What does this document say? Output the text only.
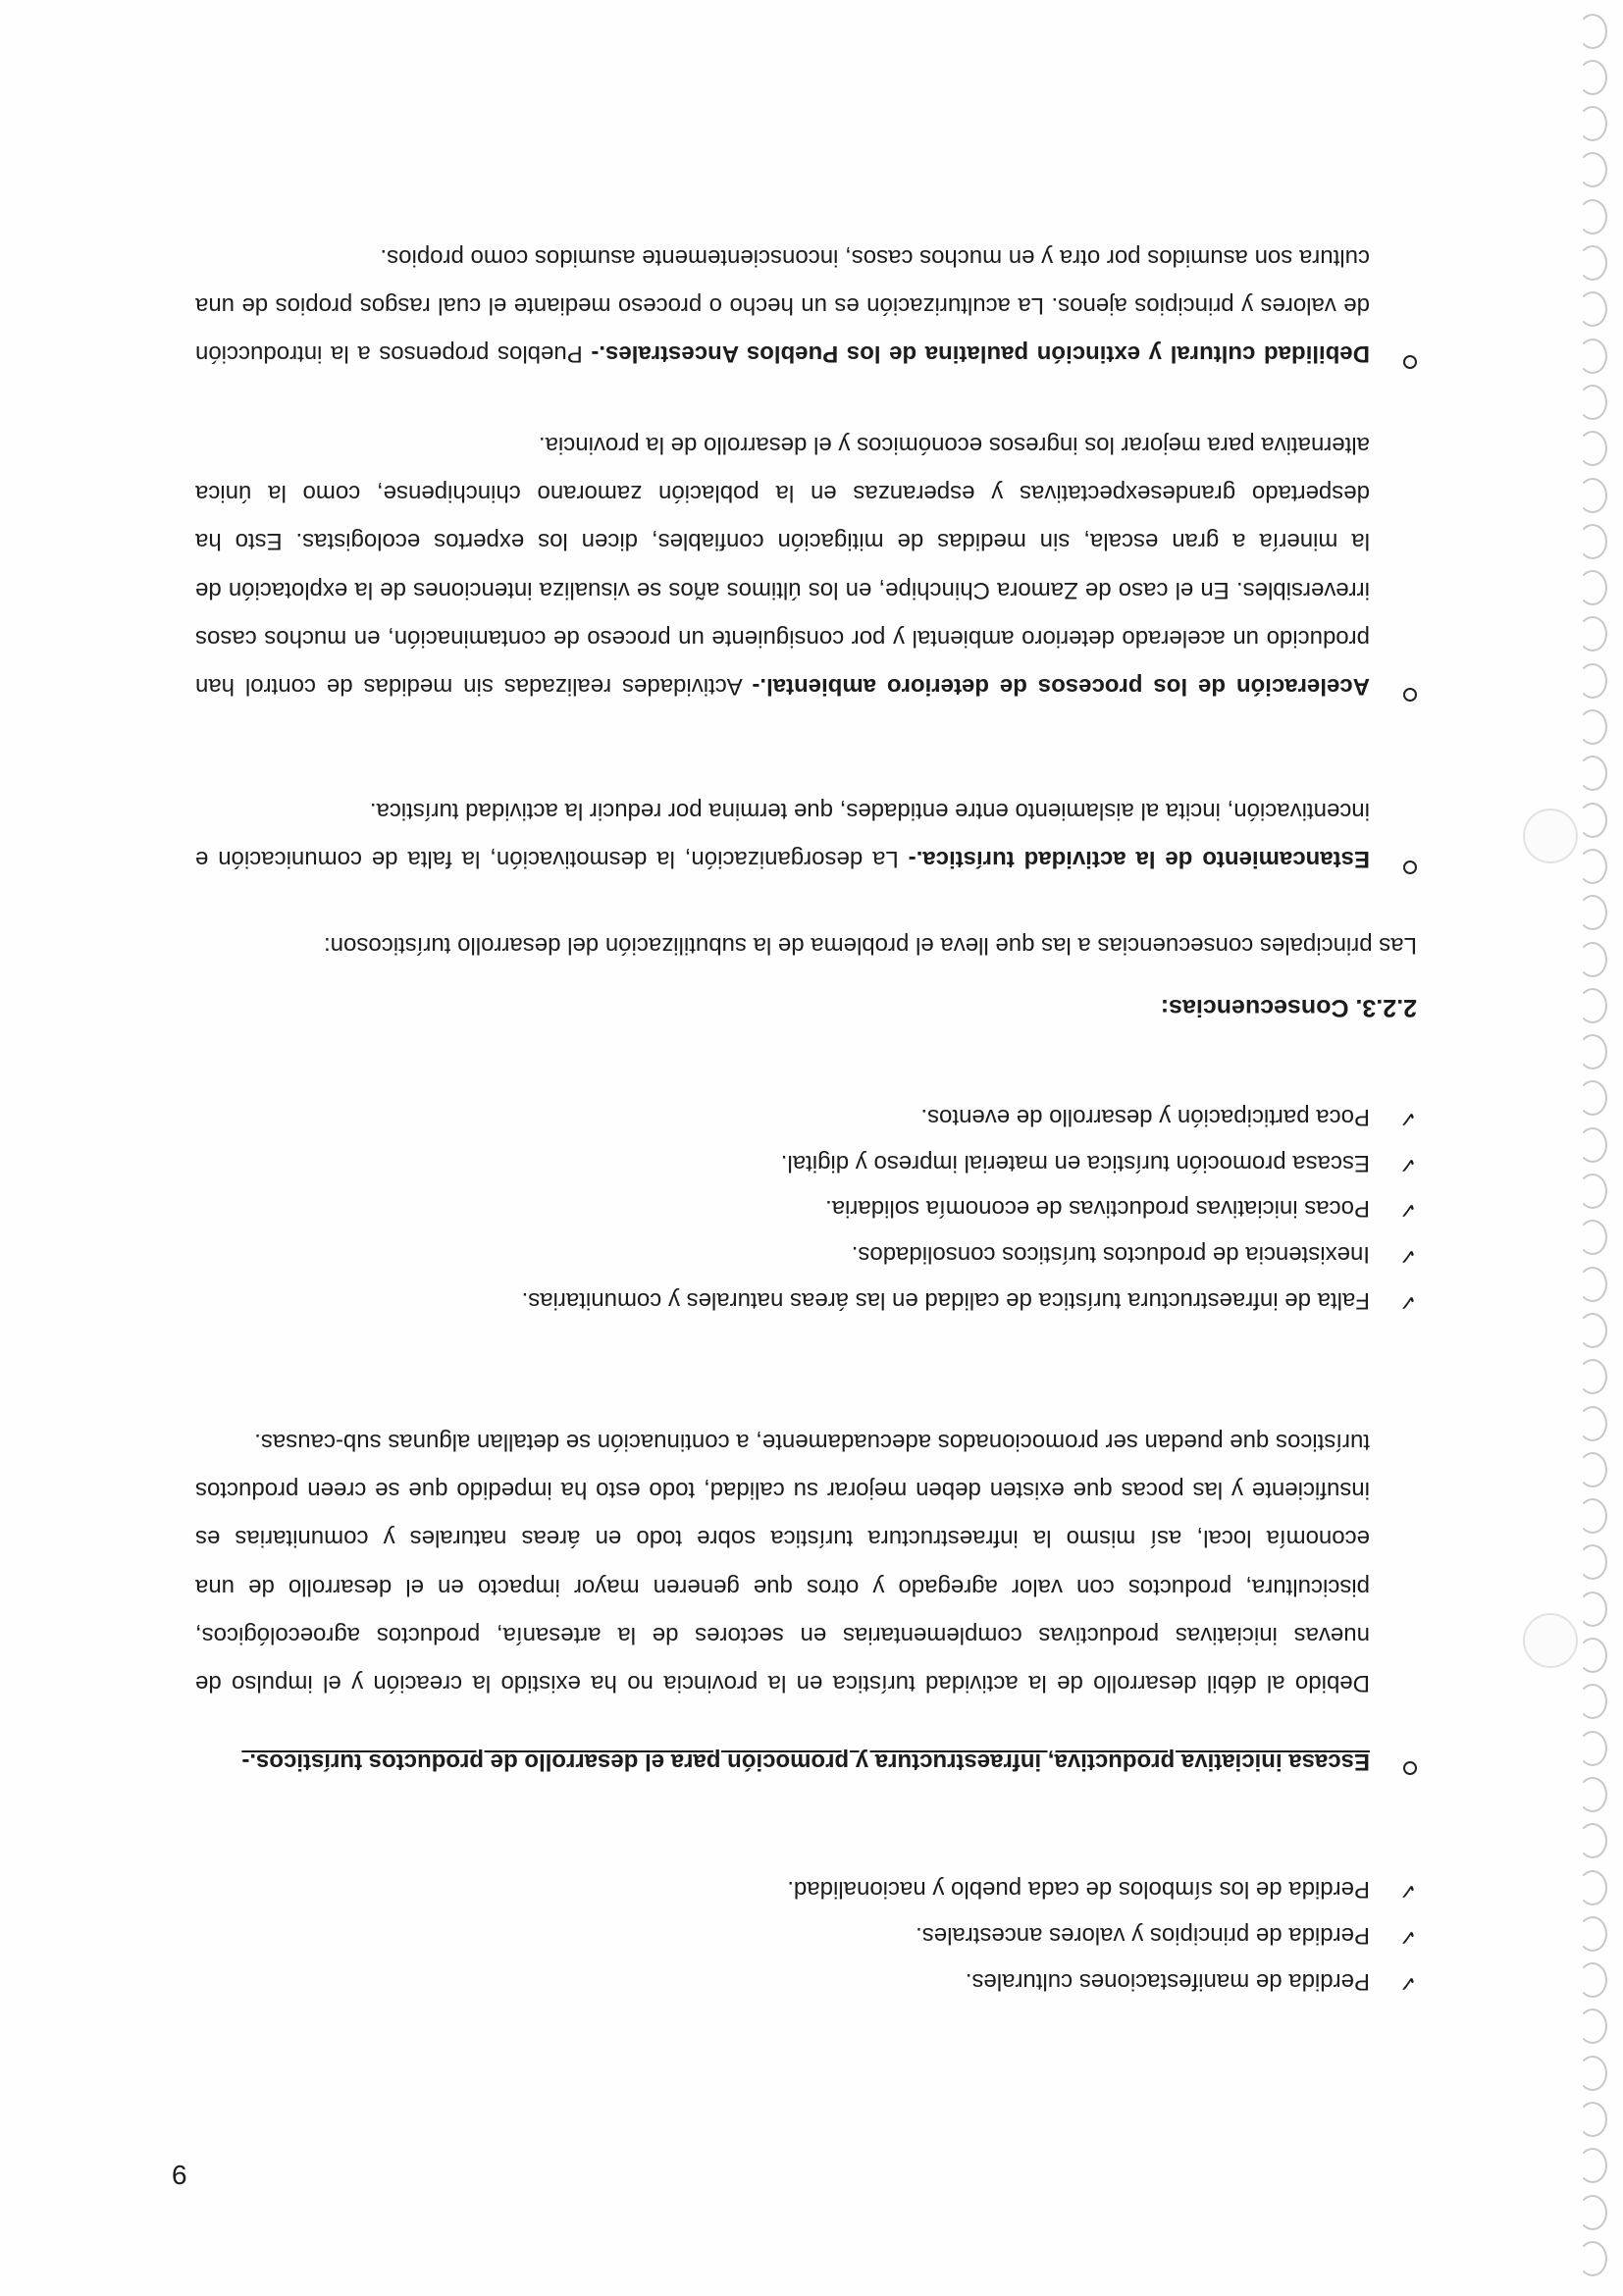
9
✓
Perdida de manifestaciones culturales.
✓
Perdida de principios y valores ancestrales.
✓
Perdida de los símbolos de cada pueblo y nacionalidad.
Escasa iniciativa productiva, infraestructura y promoción para el desarrollo de productos turísticos.-

Debido al débil desarrollo de la actividad turística en la provincia no ha existido la creación y el impulso de nuevas iniciativas productivas complementarias en sectores de la artesanía, productos agroecológicos, piscicultura, productos con valor agregado y otros que generen mayor impacto en el desarrollo de una economía local, así mismo la infraestructura turística sobre todo en áreas naturales y comunitarias es insuficiente y las pocas que existen deben mejorar su calidad, todo esto ha impedido que se creen productos turísticos que puedan ser promocionados adecuadamente, a continuación se detallan algunas sub-causas.

✓
Falta de infraestructura turística de calidad en las áreas naturales y comunitarias.
✓
Inexistencia de productos turísticos consolidados.
✓
Pocas iniciativas productivas de economía solidaria.
✓
Escasa promoción turística en material impreso y digital.
✓
Poca participación y desarrollo de eventos.
2.2.3. Consecuencias:

Las principales consecuencias a las que lleva el problema de la subutilización del desarrollo turísticoson:

Estancamiento de la actividad turística.- La desorganización, la desmotivación, la falta de comunicación e incentivación, incita al aislamiento entre entidades, que termina por reducir la actividad turística.

Aceleración de los procesos de deterioro ambiental.- Actividades realizadas sin medidas de control han producido un acelerado deterioro ambiental y por consiguiente un proceso de contaminación, en muchos casos irreversibles. En el caso de Zamora Chinchipe, en los últimos años se visualiza intenciones de la explotación de la minería a gran escala, sin medidas de mitigación confiables, dicen los expertos ecologistas. Esto ha despertado grandesexpectativas y esperanzas en la población zamorano chinchipense, como la única alternativa para mejorar los ingresos económicos y el desarrollo de la provincia.

Debilidad cultural y extinción paulatina de los Pueblos Ancestrales.- Pueblos propensos a la introducción de valores y principios ajenos. La aculturización es un hecho o proceso mediante el cual rasgos propios de una cultura son asumidos por otra y en muchos casos, inconscientemente asumidos como propios.
